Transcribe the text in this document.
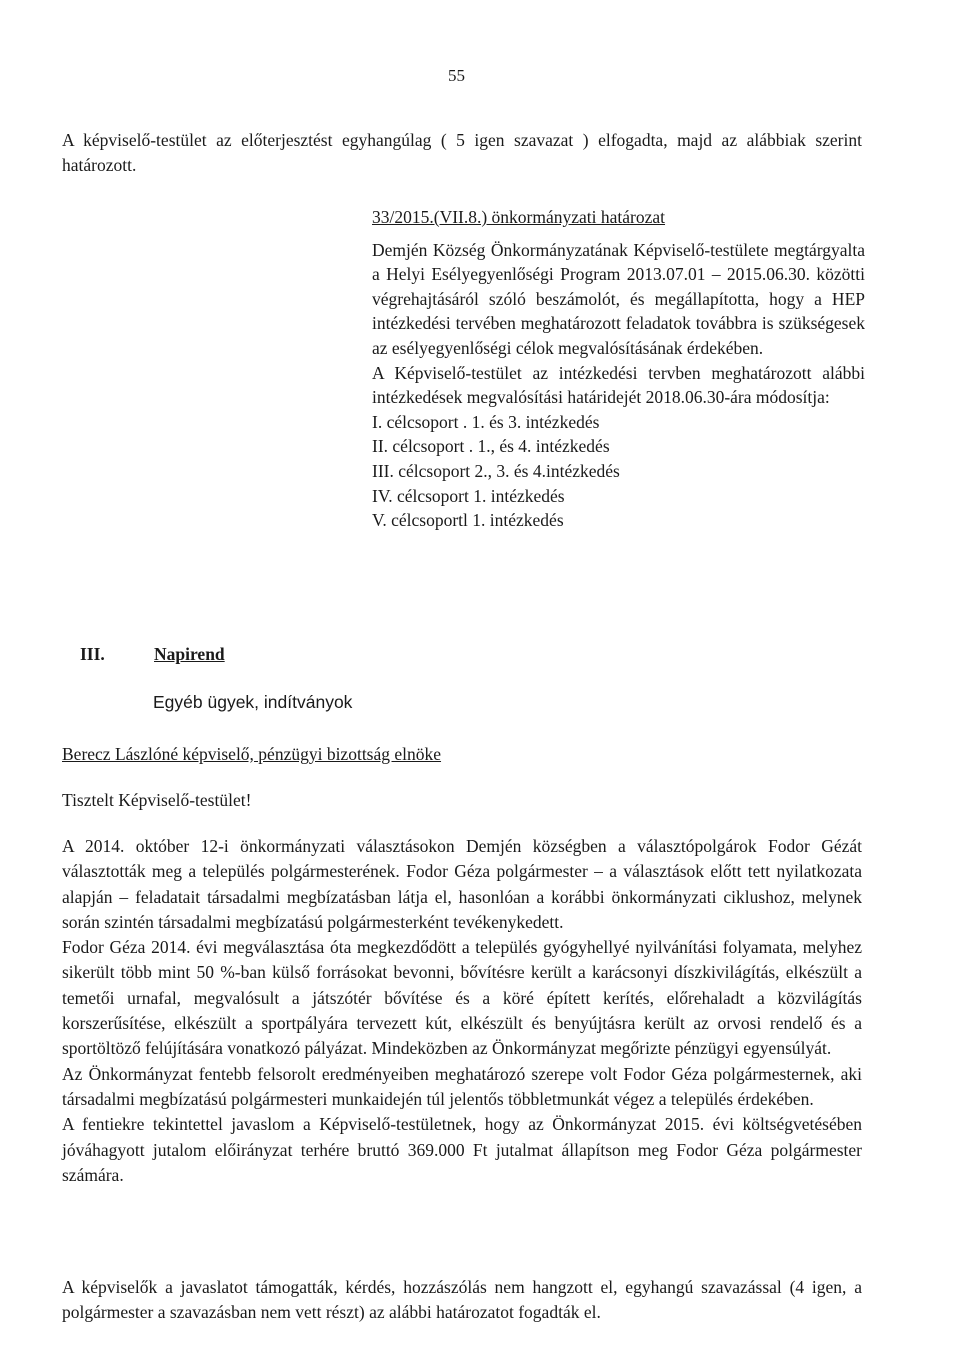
55
A képviselő-testület az előterjesztést egyhangúlag ( 5 igen szavazat ) elfogadta, majd az alábbiak szerint határozott.
33/2015.(VII.8.) önkormányzati határozat

Demjén Község Önkormányzatának Képviselő-testülete megtárgyalta a Helyi Esélyegyenlőségi Program 2013.07.01 – 2015.06.30. közötti végrehajtásáról szóló beszámolót, és megállapította, hogy a HEP intézkedési tervében meghatározott feladatok továbbra is szükségesek az esélyegyenlőségi célok megvalósításának érdekében.

A Képviselő-testület az intézkedési tervben meghatározott alábbi intézkedések megvalósítási határidejét 2018.06.30-ára módosítja:

I. célcsoport . 1. és 3. intézkedés
II. célcsoport . 1., és 4. intézkedés
III. célcsoport 2., 3. és 4.intézkedés
IV. célcsoport 1. intézkedés
V. célcsoportl 1. intézkedés
III.	Napirend
Egyéb ügyek, indítványok
Berecz Lászlóné képviselő, pénzügyi bizottság elnöke
Tisztelt Képviselő-testület!

A 2014. október 12-i önkormányzati választásokon Demjén községben a választópolgárok Fodor Gézát választották meg a település polgármesterének. Fodor Géza polgármester – a választások előtt tett nyilatkozata alapján – feladatait társadalmi megbízatásban látja el, hasonlóan a korábbi önkormányzati ciklushoz, melynek során szintén társadalmi megbízatású polgármesterként tevékenykedett.

Fodor Géza 2014. évi megválasztása óta megkezdődött a település gyógyhellyé nyilvánítási folyamata, melyhez sikerült több mint 50 %-ban külső forrásokat bevonni, bővítésre került a karácsonyi díszkivilágítás, elkészült a temetői urnafal, megvalósult a játszótér bővítése és a köré épített kerítés, előrehaladt a közvilágítás korszerűsítése, elkészült a sportpályára tervezett kút, elkészült és benyújtásra került az orvosi rendelő és a sportöltöző felújítására vonatkozó pályázat. Mindeközben az Önkormányzat megőrizte pénzügyi egyensúlyát.

Az Önkormányzat fentebb felsorolt eredményeiben meghatározó szerepe volt Fodor Géza polgármesternek, aki társadalmi megbízatású polgármesteri munkaidején túl jelentős többletmunkát végez a település érdekében.

A fentiekre tekintettel javaslom a Képviselő-testületnek, hogy az Önkormányzat 2015. évi költségvetésében jóváhagyott jutalom előirányzat terhére bruttó 369.000 Ft jutalmat állapítson meg Fodor Géza polgármester számára.

A képviselők a javaslatot támogatták, kérdés, hozzászólás nem hangzott el, egyhangú szavazással (4 igen, a polgármester a szavazásban nem vett részt) az alábbi határozatot fogadták el.
